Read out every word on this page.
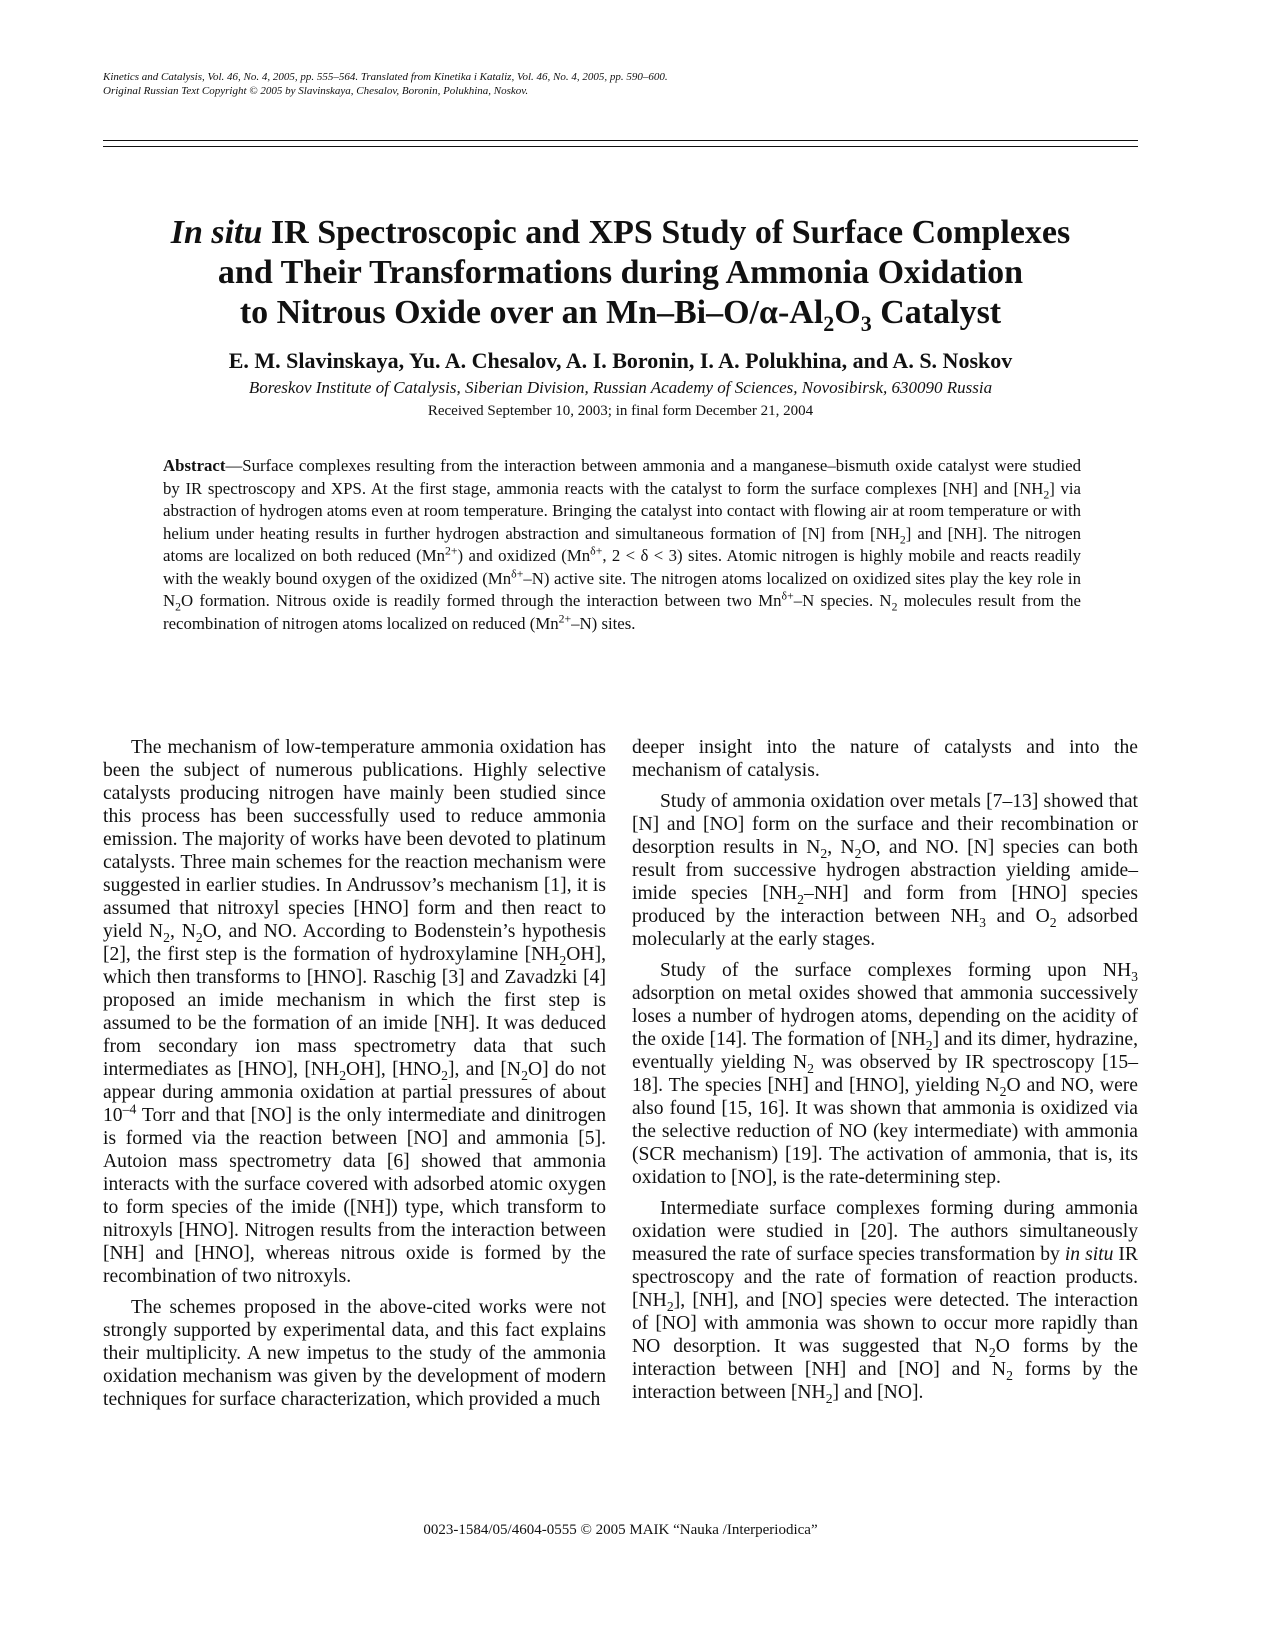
Kinetics and Catalysis, Vol. 46, No. 4, 2005, pp. 555–564. Translated from Kinetika i Kataliz, Vol. 46, No. 4, 2005, pp. 590–600.
Original Russian Text Copyright © 2005 by Slavinskaya, Chesalov, Boronin, Polukhina, Noskov.
In situ IR Spectroscopic and XPS Study of Surface Complexes
and Their Transformations during Ammonia Oxidation
to Nitrous Oxide over an $Mn-Bi-O/\alpha-Al_2O_3$ Catalyst
E. M. Slavinskaya, Yu. A. Chesalov, A. I. Boronin, I. A. Polukhina, and A. S. Noskov
Boreskov Institute of Catalysis, Siberian Division, Russian Academy of Sciences, Novosibirsk, 630090 Russia
Received September 10, 2003; in final form December 21, 2004
Abstract—Surface complexes resulting from the interaction between ammonia and a manganese–bismuth oxide catalyst were studied by IR spectroscopy and XPS. At the first stage, ammonia reacts with the catalyst to form the surface complexes [NH] and $[NH_2]$ via abstraction of hydrogen atoms even at room temperature. Bringing the catalyst into contact with flowing air at room temperature or with helium under heating results in further hydrogen abstraction and simultaneous formation of [N] from $[NH_2]$ and [NH]. The nitrogen atoms are localized on both reduced $(Mn^{2+})$ and oxidized ($Mn^{\delta+}$, 2 < δ < 3) sites. Atomic nitrogen is highly mobile and reacts readily with the weakly bound oxygen of the oxidized $(Mn^{\delta+}-N)$ active site. The nitrogen atoms localized on oxidized sites play the key role in $N_2O$ formation. Nitrous oxide is readily formed through the interaction between two $Mn^{\delta+}-N$ species. $N_2$ molecules result from the recombination of nitrogen atoms localized on reduced $(Mn^{2+}-N)$ sites.

The mechanism of low-temperature ammonia oxidation has been the subject of numerous publications. Highly selective catalysts producing nitrogen have mainly been studied since this process has been successfully used to reduce ammonia emission. The majority of works have been devoted to platinum catalysts. Three main schemes for the reaction mechanism were suggested in earlier studies. In Andrussov’s mechanism [1], it is assumed that nitroxyl species [HNO] form and then react to yield $N_2$, $N_2O$, and NO. According to Bodenstein’s hypothesis [2], the first step is the formation of hydroxylamine $[NH_2OH]$, which then transforms to [HNO]. Raschig [3] and Zavadzki [4] proposed an imide mechanism in which the first step is assumed to be the formation of an imide [NH]. It was deduced from secondary ion mass spectrometry data that such intermediates as [HNO], $[NH_2OH]$, $[HNO_2]$, and $[N_2O]$ do not appear during ammonia oxidation at partial pressures of about $10^{-4}$ Torr and that [NO] is the only intermediate and dinitrogen is formed via the reaction between [NO] and ammonia [5]. Autoion mass spectrometry data [6] showed that ammonia interacts with the surface covered with adsorbed atomic oxygen to form species of the imide ([NH]) type, which transform to nitroxyls [HNO]. Nitrogen results from the interaction between [NH] and [HNO], whereas nitrous oxide is formed by the recombination of two nitroxyls.

The schemes proposed in the above-cited works were not strongly supported by experimental data, and this fact explains their multiplicity. A new impetus to the study of the ammonia oxidation mechanism was given by the development of modern techniques for surface characterization, which provided a much

deeper insight into the nature of catalysts and into the mechanism of catalysis.

Study of ammonia oxidation over metals [7–13] showed that [N] and [NO] form on the surface and their recombination or desorption results in $N_2$, $N_2O$, and NO. [N] species can both result from successive hydrogen abstraction yielding amide–imide species $[NH_2-NH]$ and form from [HNO] species produced by the interaction between $NH_3$ and $O_2$ adsorbed molecularly at the early stages.

Study of the surface complexes forming upon $NH_3$ adsorption on metal oxides showed that ammonia successively loses a number of hydrogen atoms, depending on the acidity of the oxide [14]. The formation of $[NH_2]$ and its dimer, hydrazine, eventually yielding $N_2$ was observed by IR spectroscopy [15–18]. The species [NH] and [HNO], yielding $N_2O$ and NO, were also found [15, 16]. It was shown that ammonia is oxidized via the selective reduction of NO (key intermediate) with ammonia (SCR mechanism) [19]. The activation of ammonia, that is, its oxidation to [NO], is the rate-determining step.

Intermediate surface complexes forming during ammonia oxidation were studied in [20]. The authors simultaneously measured the rate of surface species transformation by in situ IR spectroscopy and the rate of formation of reaction products. $[NH_2]$, [NH], and [NO] species were detected. The interaction of [NO] with ammonia was shown to occur more rapidly than NO desorption. It was suggested that $N_2O$ forms by the interaction between [NH] and [NO] and $N_2$ forms by the interaction between $[NH_2]$ and [NO].

0023-1584/05/4604-0555 © 2005 MAIK “Nauka /Interperiodica”
